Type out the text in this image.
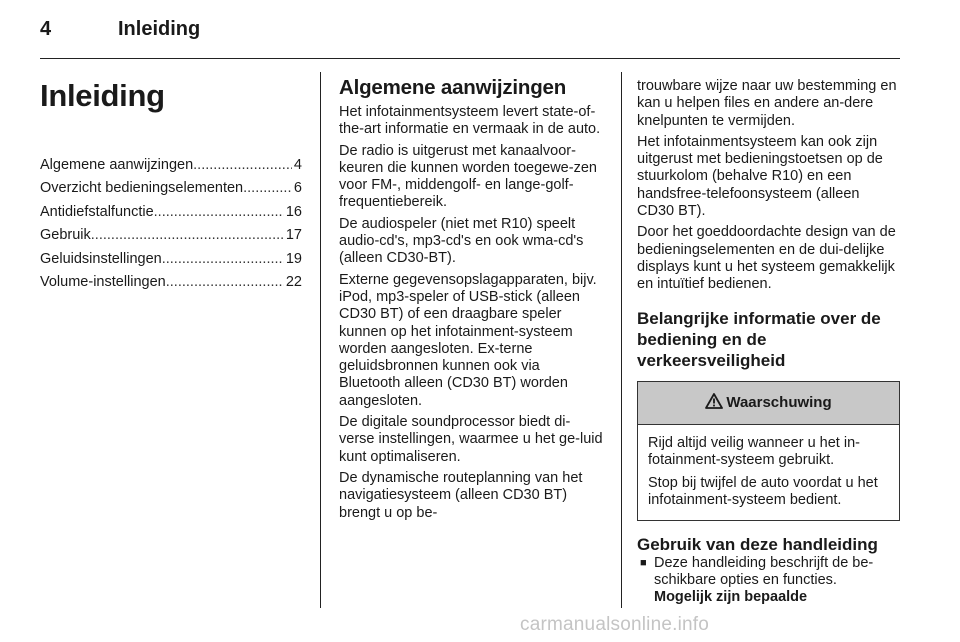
4	Inleiding
Inleiding
Algemene aanwijzingen .....	4
Overzicht bedieningselementen .....	6
Antidiefstalfunctie .....	16
Gebruik .....	17
Geluidsinstellingen .....	19
Volume-instellingen .....	22
Algemene aanwijzingen
Het infotainmentsysteem levert state-of-the-art informatie en vermaak in de auto.
De radio is uitgerust met kanaalvoor-keuren die kunnen worden toegewe-zen voor FM-, middengolf- en lange-golf-frequentiebereik.
De audiospeler (niet met R10) speelt audio-cd's, mp3-cd's en ook wma-cd's (alleen CD30-BT).
Externe gegevensopslagapparaten, bijv. iPod, mp3-speler of USB-stick (alleen CD30 BT) of een draagbare speler kunnen op het infotainment-systeem worden aangesloten. Ex-terne geluidsbronnen kunnen ook via Bluetooth alleen (CD30 BT) worden aangesloten.
De digitale soundprocessor biedt di-verse instellingen, waarmee u het ge-luid kunt optimaliseren.
De dynamische routeplanning van het navigatiesysteem (alleen CD30 BT) brengt u op be-
trouwbare wijze naar uw bestemming en kan u helpen files en andere an-dere knelpunten te vermijden.
Het infotainmentsysteem kan ook zijn uitgerust met bedieningstoetsen op de stuurkolom (behalve R10) en een handsfree-telefoonsysteem (alleen CD30 BT).
Door het goeddoordachte design van de bedieningselementen en de dui-delijke displays kunt u het systeem gemakkelijk en intuïtief bedienen.
Belangrijke informatie over de bediening en de verkeersveiligheid
Waarschuwing
Rijd altijd veilig wanneer u het in-fotainment-systeem gebruikt.
Stop bij twijfel de auto voordat u het infotainment-systeem bedient.
Gebruik van deze handleiding
■ Deze handleiding beschrijft de be-schikbare opties en functies.
Mogelijk zijn bepaalde
carmanualsonline.info
